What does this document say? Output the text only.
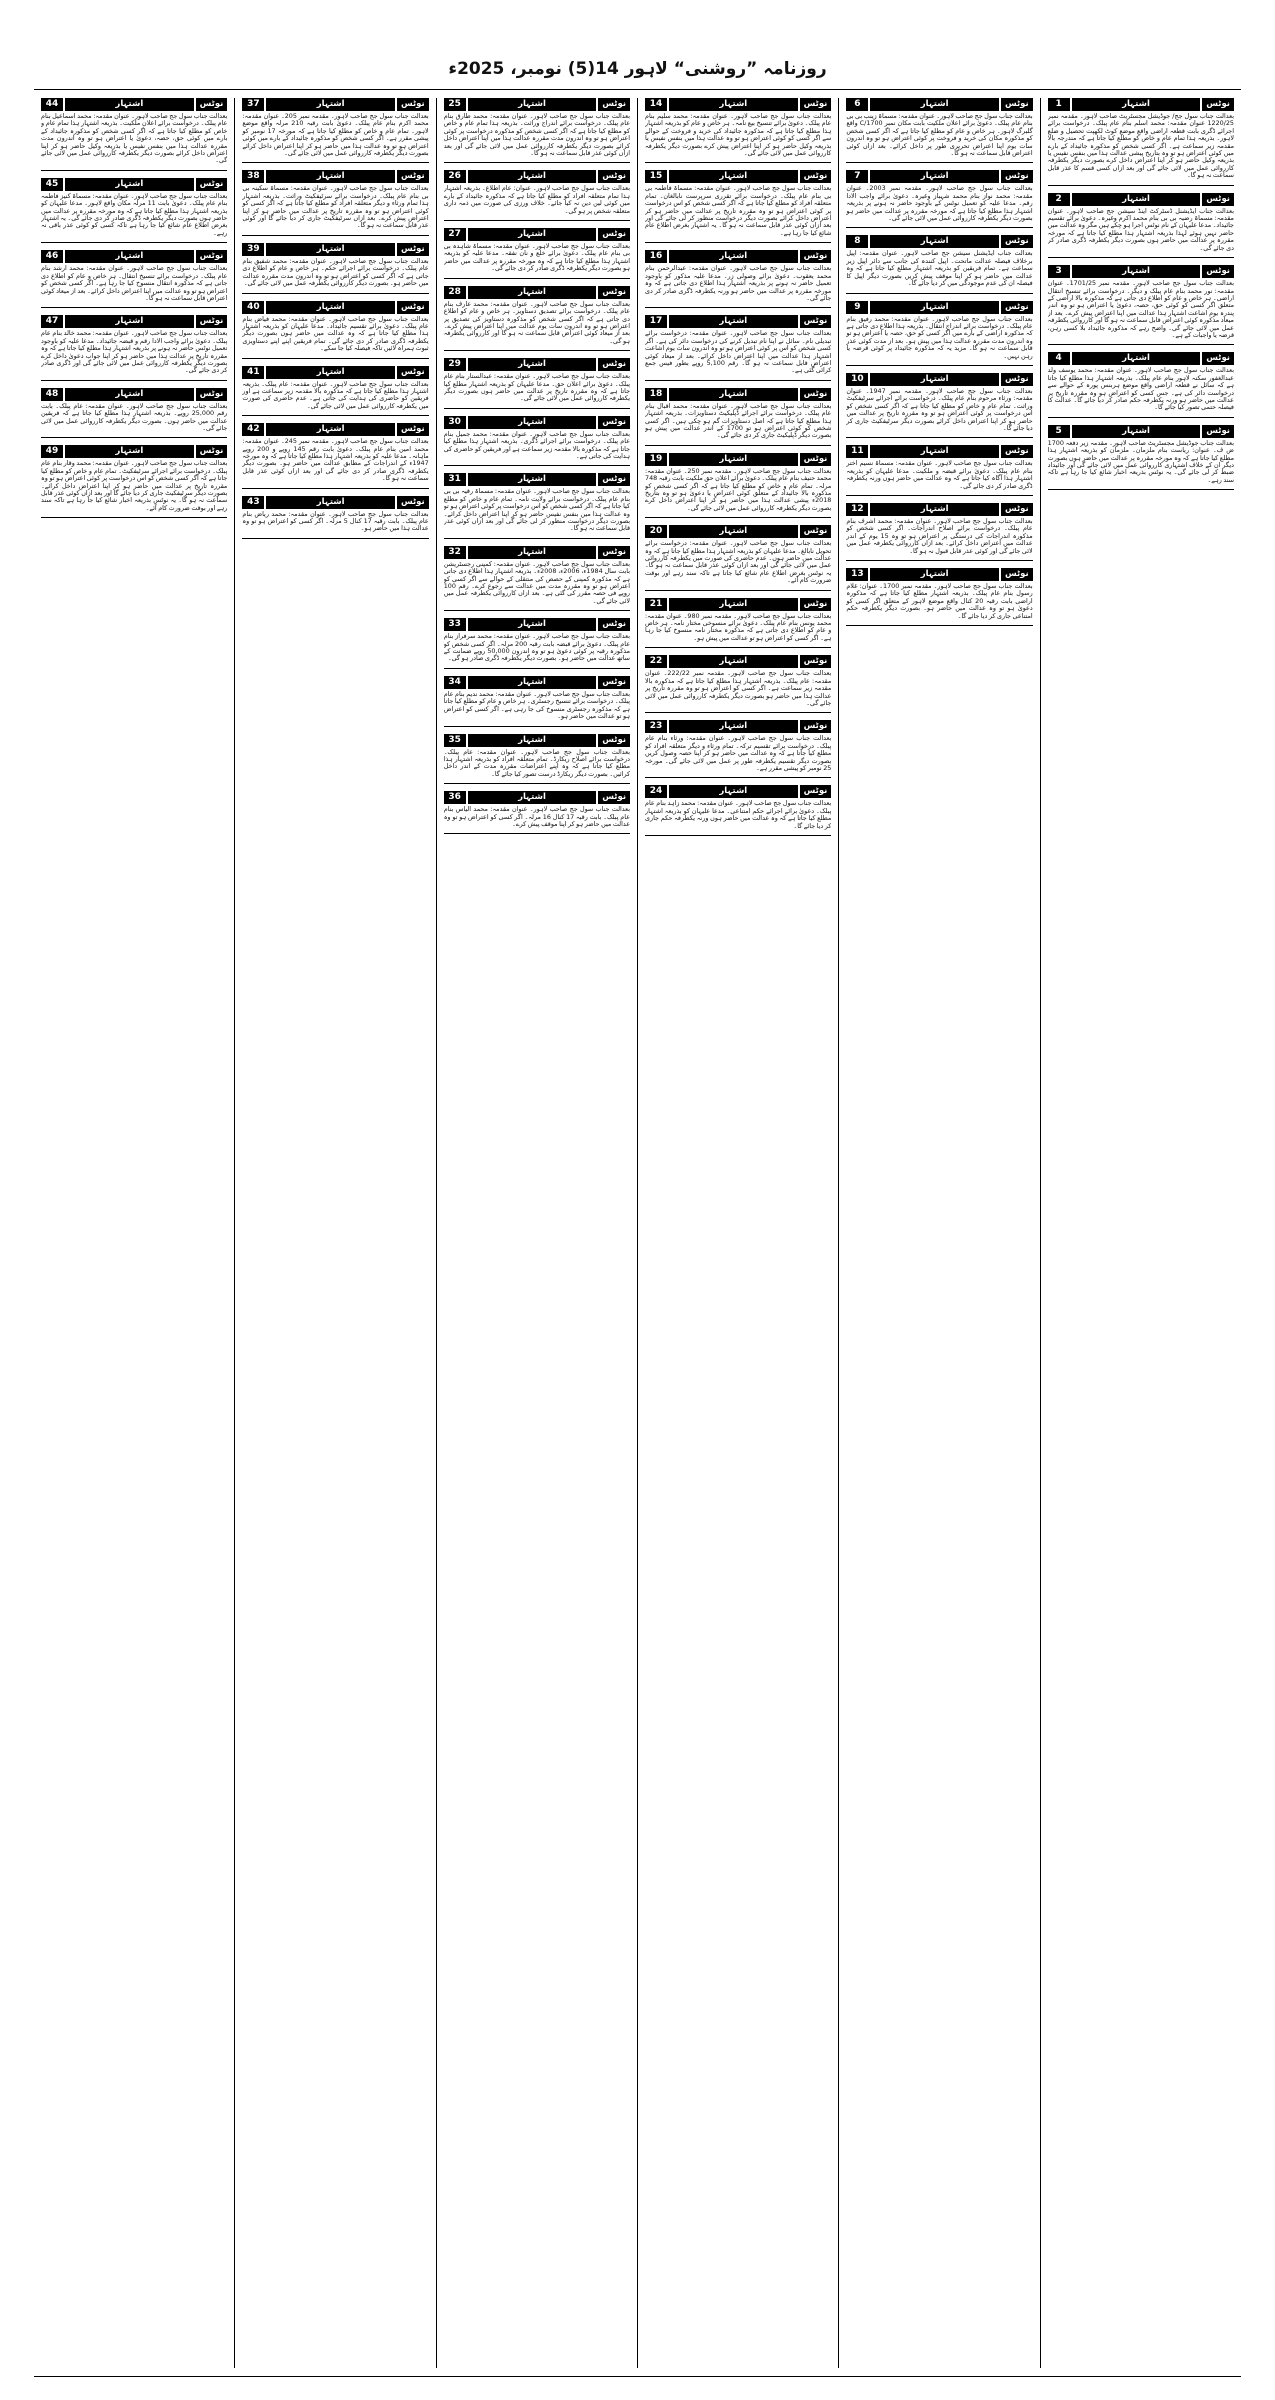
روزنامہ ”روشنی“ لاہور 14(5) نومبر، 2025ء
1	اشتہار	نوٹس

بعدالت جناب سول جج/ جوڈیشل مجسٹریٹ صاحب لاہور۔ مقدمہ نمبر 1220/25 عنوان مقدمہ: محمد اسلم بنام عام پبلک۔ درخواست برائے اجرائے ڈگری بابت قطعہ اراضی واقع موضع کوٹ لکھپت تحصیل و ضلع لاہور۔ بذریعہ ہذا تمام عام و خاص کو مطلع کیا جاتا ہے کہ مندرجہ بالا مقدمہ زیر سماعت ہے۔ اگر کسی شخص کو مذکورہ جائیداد کے بارے میں کوئی اعتراض ہو تو وہ بتاریخ پیشی عدالت ہذا میں بنفس نفیس یا بذریعہ وکیل حاضر ہو کر اپنا اعتراض داخل کرے بصورت دیگر یکطرفہ کارروائی عمل میں لائی جائے گی اور بعد ازاں کسی قسم کا عذر قابل سماعت نہ ہو گا۔

2	اشتہار	نوٹس

بعدالت جناب ایڈیشنل ڈسٹرکٹ اینڈ سیشن جج صاحب لاہور۔ عنوان مقدمہ: مسماۃ رضیہ بی بی بنام محمد اکرم وغیرہ۔ دعویٰ برائے تقسیم جائیداد۔ مدعا علیہان کے نام نوٹس اجرا ہو چکے ہیں مگر وہ عدالت میں حاضر نہیں ہوئے لہذا بذریعہ اشتہار ہذا مطلع کیا جاتا ہے کہ مورخہ مقررہ پر عدالت میں حاضر ہوں بصورت دیگر یکطرفہ ڈگری صادر کر دی جائے گی۔

3	اشتہار	نوٹس

بعدالت جناب سول جج صاحب لاہور۔ مقدمہ نمبر 1701/25۔ عنوان مقدمہ: نور محمد بنام عام پبلک و دیگر۔ درخواست برائے تنسیخ انتقال اراضی۔ ہر خاص و عام کو اطلاع دی جاتی ہے کہ مذکورہ بالا اراضی کے متعلق اگر کسی کو کوئی حق، حصہ، دعویٰ یا اعتراض ہو تو وہ اندر پندرہ یوم اشاعت اشتہار ہذا عدالت میں اپنا اعتراض پیش کرے۔ بعد از میعاد مذکورہ کوئی اعتراض قابل سماعت نہ ہو گا اور کارروائی یکطرفہ عمل میں لائی جائے گی۔ واضح رہے کہ مذکورہ جائیداد بلا کسی رہن، قرضہ یا واجبات کے ہے۔

4	اشتہار	نوٹس

بعدالت جناب سول جج صاحب لاہور۔ عنوان مقدمہ: محمد یوسف ولد عبدالغفور سکنہ لاہور بنام عام پبلک۔ بذریعہ اشتہار ہذا مطلع کیا جاتا ہے کہ سائل نے قطعہ اراضی واقع موضع ہربنس پورہ کے حوالے سے درخواست دائر کی ہے۔ جس کسی کو اعتراض ہو وہ مقررہ تاریخ پر عدالت میں حاضر ہو ورنہ یکطرفہ حکم صادر کر دیا جائے گا۔ عدالت کا فیصلہ حتمی تصور کیا جائے گا۔

5	اشتہار	نوٹس

بعدالت جناب جوڈیشل مجسٹریٹ صاحب لاہور۔ مقدمہ زیر دفعہ 1700 ض ف۔ عنوان: ریاست بنام ملزمان۔ ملزمان کو بذریعہ اشتہار ہذا مطلع کیا جاتا ہے کہ وہ مورخہ مقررہ پر عدالت میں حاضر ہوں بصورت دیگر ان کے خلاف اشتہاری کارروائی عمل میں لائی جائے گی اور جائیداد ضبط کر لی جائے گی۔ یہ نوٹس بذریعہ اخبار شائع کیا جا رہا ہے تاکہ سند رہے۔

6	اشتہار	نوٹس

بعدالت جناب سول جج صاحب لاہور۔ عنوان مقدمہ: مسماۃ زینب بی بی بنام عام پبلک۔ دعویٰ برائے اعلان ملکیت بابت مکان نمبر 1700/C واقع گلبرگ لاہور۔ ہر خاص و عام کو مطلع کیا جاتا ہے کہ اگر کسی شخص کو مذکورہ مکان کی خرید و فروخت پر کوئی اعتراض ہو تو وہ اندرون سات یوم اپنا اعتراض تحریری طور پر داخل کرائے۔ بعد ازاں کوئی اعتراض قابل سماعت نہ ہو گا۔

7	اشتہار	نوٹس

بعدالت جناب سول جج صاحب لاہور۔ مقدمہ نمبر 2003۔ عنوان مقدمہ: محمد نواز بنام محمد شہباز وغیرہ۔ دعویٰ برائے واجب الادا رقم۔ مدعا علیہ کو تعمیل نوٹس کے باوجود حاضر نہ ہونے پر بذریعہ اشتہار ہذا مطلع کیا جاتا ہے کہ مورخہ مقررہ پر عدالت میں حاضر ہو بصورت دیگر یکطرفہ کارروائی عمل میں لائی جائے گی۔

8	اشتہار	نوٹس

بعدالت جناب ایڈیشنل سیشن جج صاحب لاہور۔ عنوان مقدمہ: اپیل برخلاف فیصلہ عدالت ماتحت۔ اپیل کنندہ کی جانب سے دائر اپیل زیر سماعت ہے۔ تمام فریقین کو بذریعہ اشتہار مطلع کیا جاتا ہے کہ وہ عدالت میں حاضر ہو کر اپنا موقف پیش کریں بصورت دیگر اپیل کا فیصلہ ان کی عدم موجودگی میں کر دیا جائے گا۔

9	اشتہار	نوٹس

بعدالت جناب سول جج صاحب لاہور۔ عنوان مقدمہ: محمد رفیق بنام عام پبلک۔ درخواست برائے اندراج انتقال۔ بذریعہ ہذا اطلاع دی جاتی ہے کہ مذکورہ اراضی کے بارے میں اگر کسی کو حق، حصہ یا اعتراض ہو تو وہ اندرون مدت مقررہ عدالت ہذا میں پیش ہو۔ بعد از مدت کوئی عذر قابل سماعت نہ ہو گا۔ مزید یہ کہ مذکورہ جائیداد پر کوئی قرضہ یا رہن نہیں۔

10	اشتہار	نوٹس

بعدالت جناب سول جج صاحب لاہور۔ مقدمہ نمبر 1947۔ عنوان مقدمہ: ورثاء مرحوم بنام عام پبلک۔ درخواست برائے اجرائے سرٹیفکیٹ وراثت۔ تمام عام و خاص کو مطلع کیا جاتا ہے کہ اگر کسی شخص کو اس درخواست پر کوئی اعتراض ہو تو وہ مقررہ تاریخ پر عدالت میں حاضر ہو کر اپنا اعتراض داخل کرائے بصورت دیگر سرٹیفکیٹ جاری کر دیا جائے گا۔

11	اشتہار	نوٹس

بعدالت جناب سول جج صاحب لاہور۔ عنوان مقدمہ: مسماۃ نسیم اختر بنام عام پبلک۔ دعویٰ برائے قبضہ و ملکیت۔ مدعا علیہان کو بذریعہ اشتہار ہذا آگاہ کیا جاتا ہے کہ وہ عدالت میں حاضر ہوں ورنہ یکطرفہ ڈگری صادر کر دی جائے گی۔

12	اشتہار	نوٹس

بعدالت جناب سول جج صاحب لاہور۔ عنوان مقدمہ: محمد اشرف بنام عام پبلک۔ درخواست برائے اصلاح اندراجات۔ اگر کسی شخص کو مذکورہ اندراجات کی درستگی پر اعتراض ہو تو وہ 15 یوم کے اندر عدالت میں اعتراض داخل کرائے۔ بعد ازاں کارروائی یکطرفہ عمل میں لائی جائے گی اور کوئی عذر قابل قبول نہ ہو گا۔

13	اشتہار	نوٹس

بعدالت جناب سول جج صاحب لاہور۔ مقدمہ نمبر 1700۔ عنوان: غلام رسول بنام عام پبلک۔ بذریعہ اشتہار مطلع کیا جاتا ہے کہ مذکورہ اراضی بابت رقبہ 20 کنال واقع موضع لاہور کے متعلق اگر کسی کو دعویٰ ہو تو وہ عدالت میں حاضر ہو۔ بصورت دیگر یکطرفہ حکم امتناعی جاری کر دیا جائے گا۔

14	اشتہار	نوٹس

بعدالت جناب سول جج صاحب لاہور۔ عنوان مقدمہ: محمد سلیم بنام عام پبلک۔ دعویٰ برائے تنسیخ بیع نامہ۔ ہر خاص و عام کو بذریعہ اشتہار ہذا مطلع کیا جاتا ہے کہ مذکورہ جائیداد کی خرید و فروخت کے حوالے سے اگر کسی کو کوئی اعتراض ہو تو وہ عدالت ہذا میں بنفس نفیس یا بذریعہ وکیل حاضر ہو کر اپنا اعتراض پیش کرے بصورت دیگر یکطرفہ کارروائی عمل میں لائی جائے گی۔

15	اشتہار	نوٹس

بعدالت جناب سول جج صاحب لاہور۔ عنوان مقدمہ: مسماۃ فاطمہ بی بی بنام عام پبلک۔ درخواست برائے تقرری سرپرست نابالغان۔ تمام متعلقہ افراد کو مطلع کیا جاتا ہے کہ اگر کسی شخص کو اس درخواست پر کوئی اعتراض ہو تو وہ مقررہ تاریخ پر عدالت میں حاضر ہو کر اعتراض داخل کرائے بصورت دیگر درخواست منظور کر لی جائے گی اور بعد ازاں کوئی عذر قابل سماعت نہ ہو گا۔ یہ اشتہار بغرض اطلاع عام شائع کیا جا رہا ہے۔

16	اشتہار	نوٹس

بعدالت جناب سول جج صاحب لاہور۔ عنوان مقدمہ: عبدالرحمن بنام محمد یعقوب۔ دعویٰ برائے وصولی زر۔ مدعا علیہ مذکور کو باوجود تعمیل حاضر نہ ہونے پر بذریعہ اشتہار ہذا اطلاع دی جاتی ہے کہ وہ مورخہ مقررہ پر عدالت میں حاضر ہو ورنہ یکطرفہ ڈگری صادر کر دی جائے گی۔

17	اشتہار	نوٹس

بعدالت جناب سول جج صاحب لاہور۔ عنوان مقدمہ: درخواست برائے تبدیلی نام۔ سائل نے اپنا نام تبدیل کرنے کی درخواست دائر کی ہے۔ اگر کسی شخص کو اس پر کوئی اعتراض ہو تو وہ اندرون سات یوم اشاعت اشتہار ہذا عدالت میں اپنا اعتراض داخل کرائے۔ بعد از میعاد کوئی اعتراض قابل سماعت نہ ہو گا۔ رقم 5,100 روپے بطور فیس جمع کرائی گئی ہے۔

18	اشتہار	نوٹس

بعدالت جناب سول جج صاحب لاہور۔ عنوان مقدمہ: محمد اقبال بنام عام پبلک۔ درخواست برائے اجرائے ڈپلیکیٹ دستاویزات۔ بذریعہ اشتہار ہذا مطلع کیا جاتا ہے کہ اصل دستاویزات گم ہو چکی ہیں۔ اگر کسی شخص کو کوئی اعتراض ہو تو 1700 کے اندر عدالت میں پیش ہو بصورت دیگر ڈپلیکیٹ جاری کر دی جائے گی۔

19	اشتہار	نوٹس

بعدالت جناب سول جج صاحب لاہور۔ مقدمہ نمبر 250۔ عنوان مقدمہ: محمد حنیف بنام عام پبلک۔ دعویٰ برائے اعلان حق ملکیت بابت رقبہ 748 مرلہ۔ تمام عام و خاص کو مطلع کیا جاتا ہے کہ اگر کسی شخص کو مذکورہ بالا جائیداد کے متعلق کوئی اعتراض یا دعویٰ ہو تو وہ بتاریخ 2018ء پیشی عدالت ہذا میں حاضر ہو کر اپنا اعتراض داخل کرے بصورت دیگر یکطرفہ کارروائی عمل میں لائی جائے گی۔

20	اشتہار	نوٹس

بعدالت جناب سول جج صاحب لاہور۔ عنوان مقدمہ: درخواست برائے تحویل نابالغ۔ مدعا علیہان کو بذریعہ اشتہار ہذا مطلع کیا جاتا ہے کہ وہ عدالت میں حاضر ہوں۔ عدم حاضری کی صورت میں یکطرفہ کارروائی عمل میں لائی جائے گی اور بعد ازاں کوئی عذر قابل سماعت نہ ہو گا۔ یہ نوٹس بغرض اطلاع عام شائع کیا جاتا ہے تاکہ سند رہے اور بوقت ضرورت کام آئے۔

21	اشتہار	نوٹس

بعدالت جناب سول جج صاحب لاہور۔ مقدمہ نمبر 980۔ عنوان مقدمہ: محمد یونس بنام عام پبلک۔ دعویٰ برائے منسوخی مختار نامہ۔ ہر خاص و عام کو اطلاع دی جاتی ہے کہ مذکورہ مختار نامہ منسوخ کیا جا رہا ہے۔ اگر کسی کو اعتراض ہو تو عدالت میں پیش ہو۔

22	اشتہار	نوٹس

بعدالت جناب سول جج صاحب لاہور۔ مقدمہ نمبر 222/22۔ عنوان مقدمہ: عام پبلک۔ بذریعہ اشتہار ہذا مطلع کیا جاتا ہے کہ مذکورہ بالا مقدمہ زیر سماعت ہے۔ اگر کسی کو اعتراض ہو تو وہ مقررہ تاریخ پر عدالت ہذا میں حاضر ہو بصورت دیگر یکطرفہ کارروائی عمل میں لائی جائے گی۔

23	اشتہار	نوٹس

بعدالت جناب سول جج صاحب لاہور۔ عنوان مقدمہ: ورثاء بنام عام پبلک۔ درخواست برائے تقسیم ترکہ۔ تمام ورثاء و دیگر متعلقہ افراد کو مطلع کیا جاتا ہے کہ وہ عدالت میں حاضر ہو کر اپنا حصہ وصول کریں بصورت دیگر تقسیم یکطرفہ طور پر عمل میں لائی جائے گی۔ مورخہ 25 نومبر کو پیشی مقرر ہے۔

24	اشتہار	نوٹس

بعدالت جناب سول جج صاحب لاہور۔ عنوان مقدمہ: محمد زاہد بنام عام پبلک۔ دعویٰ برائے اجرائے حکم امتناعی۔ مدعا علیہان کو بذریعہ اشتہار مطلع کیا جاتا ہے کہ وہ عدالت میں حاضر ہوں ورنہ یکطرفہ حکم جاری کر دیا جائے گا۔

25	اشتہار	نوٹس

بعدالت جناب سول جج صاحب لاہور۔ عنوان مقدمہ: محمد طارق بنام عام پبلک۔ درخواست برائے اندراج وراثت۔ بذریعہ ہذا تمام عام و خاص کو مطلع کیا جاتا ہے کہ اگر کسی شخص کو مذکورہ درخواست پر کوئی اعتراض ہو تو وہ اندرون مدت مقررہ عدالت ہذا میں اپنا اعتراض داخل کرائے بصورت دیگر یکطرفہ کارروائی عمل میں لائی جائے گی اور بعد ازاں کوئی عذر قابل سماعت نہ ہو گا۔

26	اشتہار	نوٹس

بعدالت جناب سول جج صاحب لاہور۔ عنوان: عام اطلاع۔ بذریعہ اشتہار ہذا تمام متعلقہ افراد کو مطلع کیا جاتا ہے کہ مذکورہ جائیداد کے بارے میں کوئی لین دین نہ کیا جائے۔ خلاف ورزی کی صورت میں ذمہ داری متعلقہ شخص پر ہو گی۔

27	اشتہار	نوٹس

بعدالت جناب سول جج صاحب لاہور۔ عنوان مقدمہ: مسماۃ شاہدہ بی بی بنام عام پبلک۔ دعویٰ برائے خلع و نان نفقہ۔ مدعا علیہ کو بذریعہ اشتہار ہذا مطلع کیا جاتا ہے کہ وہ مورخہ مقررہ پر عدالت میں حاضر ہو بصورت دیگر یکطرفہ ڈگری صادر کر دی جائے گی۔

28	اشتہار	نوٹس

بعدالت جناب سول جج صاحب لاہور۔ عنوان مقدمہ: محمد عارف بنام عام پبلک۔ درخواست برائے تصدیق دستاویز۔ ہر خاص و عام کو اطلاع دی جاتی ہے کہ اگر کسی شخص کو مذکورہ دستاویز کی تصدیق پر اعتراض ہو تو وہ اندرون سات یوم عدالت میں اپنا اعتراض پیش کرے۔ بعد از میعاد کوئی اعتراض قابل سماعت نہ ہو گا اور کارروائی یکطرفہ ہو گی۔

29	اشتہار	نوٹس

بعدالت جناب سول جج صاحب لاہور۔ عنوان مقدمہ: عبدالستار بنام عام پبلک۔ دعویٰ برائے اعلان حق۔ مدعا علیہان کو بذریعہ اشتہار مطلع کیا جاتا ہے کہ وہ مقررہ تاریخ پر عدالت میں حاضر ہوں بصورت دیگر یکطرفہ کارروائی عمل میں لائی جائے گی۔

30	اشتہار	نوٹس

بعدالت جناب سول جج صاحب لاہور۔ عنوان مقدمہ: محمد جمیل بنام عام پبلک۔ درخواست برائے اجرائے ڈگری۔ بذریعہ اشتہار ہذا مطلع کیا جاتا ہے کہ مذکورہ بالا مقدمہ زیر سماعت ہے اور فریقین کو حاضری کی ہدایت کی جاتی ہے۔

31	اشتہار	نوٹس

بعدالت جناب سول جج صاحب لاہور۔ عنوان مقدمہ: مسماۃ رقیہ بی بی بنام عام پبلک۔ درخواست برائے ولایت نامہ۔ تمام عام و خاص کو مطلع کیا جاتا ہے کہ اگر کسی شخص کو اس درخواست پر کوئی اعتراض ہو تو وہ عدالت ہذا میں بنفس نفیس حاضر ہو کر اپنا اعتراض داخل کرائے۔ بصورت دیگر درخواست منظور کر لی جائے گی اور بعد ازاں کوئی عذر قابل سماعت نہ ہو گا۔

32	اشتہار	نوٹس

بعدالت جناب سول جج صاحب لاہور۔ عنوان مقدمہ: کمپنی رجسٹریشن بابت سال 1984ء، 2006ء، 2008ء۔ بذریعہ اشتہار ہذا اطلاع دی جاتی ہے کہ مذکورہ کمپنی کے حصص کی منتقلی کے حوالے سے اگر کسی کو اعتراض ہو تو وہ مقررہ مدت میں عدالت سے رجوع کرے۔ رقم 100 روپے فی حصہ مقرر کی گئی ہے۔ بعد ازاں کارروائی یکطرفہ عمل میں لائی جائے گی۔

33	اشتہار	نوٹس

بعدالت جناب سول جج صاحب لاہور۔ عنوان مقدمہ: محمد سرفراز بنام عام پبلک۔ دعویٰ برائے قبضہ بابت رقبہ 200 مرلہ۔ اگر کسی شخص کو مذکورہ رقبہ پر کوئی دعویٰ ہو تو وہ اندرون 50,000 روپے ضمانت کے ساتھ عدالت میں حاضر ہو۔ بصورت دیگر یکطرفہ ڈگری صادر ہو گی۔

34	اشتہار	نوٹس

بعدالت جناب سول جج صاحب لاہور۔ عنوان مقدمہ: محمد ندیم بنام عام پبلک۔ درخواست برائے تنسیخ رجسٹری۔ ہر خاص و عام کو مطلع کیا جاتا ہے کہ مذکورہ رجسٹری منسوخ کی جا رہی ہے۔ اگر کسی کو اعتراض ہو تو عدالت میں حاضر ہو۔

35	اشتہار	نوٹس

بعدالت جناب سول جج صاحب لاہور۔ عنوان مقدمہ: عام پبلک۔ درخواست برائے اصلاح ریکارڈ۔ تمام متعلقہ افراد کو بذریعہ اشتہار ہذا مطلع کیا جاتا ہے کہ وہ اپنے اعتراضات مقررہ مدت کے اندر داخل کرائیں۔ بصورت دیگر ریکارڈ درست تصور کیا جائے گا۔

36	اشتہار	نوٹس

بعدالت جناب سول جج صاحب لاہور۔ عنوان مقدمہ: محمد الیاس بنام عام پبلک۔ بابت رقبہ 17 کنال 16 مرلہ۔ اگر کسی کو اعتراض ہو تو وہ عدالت میں حاضر ہو کر اپنا موقف پیش کرے۔

37	اشتہار	نوٹس

بعدالت جناب سول جج صاحب لاہور۔ مقدمہ نمبر 205۔ عنوان مقدمہ: محمد اکرم بنام عام پبلک۔ دعویٰ بابت رقبہ 210 مرلہ واقع موضع لاہور۔ تمام عام و خاص کو مطلع کیا جاتا ہے کہ مورخہ 17 نومبر کو پیشی مقرر ہے۔ اگر کسی شخص کو مذکورہ جائیداد کے بارے میں کوئی اعتراض ہو تو وہ عدالت ہذا میں حاضر ہو کر اپنا اعتراض داخل کرائے بصورت دیگر یکطرفہ کارروائی عمل میں لائی جائے گی۔

38	اشتہار	نوٹس

بعدالت جناب سول جج صاحب لاہور۔ عنوان مقدمہ: مسماۃ سکینہ بی بی بنام عام پبلک۔ درخواست برائے سرٹیفکیٹ وراثت۔ بذریعہ اشتہار ہذا تمام ورثاء و دیگر متعلقہ افراد کو مطلع کیا جاتا ہے کہ اگر کسی کو کوئی اعتراض ہو تو وہ مقررہ تاریخ پر عدالت میں حاضر ہو کر اپنا اعتراض پیش کرے۔ بعد ازاں سرٹیفکیٹ جاری کر دیا جائے گا اور کوئی عذر قابل سماعت نہ ہو گا۔

39	اشتہار	نوٹس

بعدالت جناب سول جج صاحب لاہور۔ عنوان مقدمہ: محمد شفیق بنام عام پبلک۔ درخواست برائے اجرائے حکم۔ ہر خاص و عام کو اطلاع دی جاتی ہے کہ اگر کسی کو اعتراض ہو تو وہ اندرون مدت مقررہ عدالت میں حاضر ہو۔ بصورت دیگر کارروائی یکطرفہ عمل میں لائی جائے گی۔

40	اشتہار	نوٹس

بعدالت جناب سول جج صاحب لاہور۔ عنوان مقدمہ: محمد فیاض بنام عام پبلک۔ دعویٰ برائے تقسیم جائیداد۔ مدعا علیہان کو بذریعہ اشتہار ہذا مطلع کیا جاتا ہے کہ وہ عدالت میں حاضر ہوں بصورت دیگر یکطرفہ ڈگری صادر کر دی جائے گی۔ تمام فریقین اپنے اپنے دستاویزی ثبوت ہمراہ لائیں تاکہ فیصلہ کیا جا سکے۔

41	اشتہار	نوٹس

بعدالت جناب سول جج صاحب لاہور۔ عنوان مقدمہ: عام پبلک۔ بذریعہ اشتہار ہذا مطلع کیا جاتا ہے کہ مذکورہ بالا مقدمہ زیر سماعت ہے اور فریقین کو حاضری کی ہدایت کی جاتی ہے۔ عدم حاضری کی صورت میں یکطرفہ کارروائی عمل میں لائی جائے گی۔

42	اشتہار	نوٹس

بعدالت جناب سول جج صاحب لاہور۔ مقدمہ نمبر 245۔ عنوان مقدمہ: محمد امین بنام عام پبلک۔ دعویٰ بابت رقم 145 روپے و 200 روپے ماہانہ۔ مدعا علیہ کو بذریعہ اشتہار ہذا مطلع کیا جاتا ہے کہ وہ مورخہ 1947ء کے اندراجات کے مطابق عدالت میں حاضر ہو۔ بصورت دیگر یکطرفہ ڈگری صادر کر دی جائے گی اور بعد ازاں کوئی عذر قابل سماعت نہ ہو گا۔

43	اشتہار	نوٹس

بعدالت جناب سول جج صاحب لاہور۔ عنوان مقدمہ: محمد ریاض بنام عام پبلک۔ بابت رقبہ 17 کنال 5 مرلہ۔ اگر کسی کو اعتراض ہو تو وہ عدالت ہذا میں حاضر ہو۔

44	اشتہار	نوٹس

بعدالت جناب سول جج صاحب لاہور۔ عنوان مقدمہ: محمد اسماعیل بنام عام پبلک۔ درخواست برائے اعلان ملکیت۔ بذریعہ اشتہار ہذا تمام عام و خاص کو مطلع کیا جاتا ہے کہ اگر کسی شخص کو مذکورہ جائیداد کے بارے میں کوئی حق، حصہ، دعویٰ یا اعتراض ہو تو وہ اندرون مدت مقررہ عدالت ہذا میں بنفس نفیس یا بذریعہ وکیل حاضر ہو کر اپنا اعتراض داخل کرائے بصورت دیگر یکطرفہ کارروائی عمل میں لائی جائے گی۔

45	اشتہار	نوٹس

بعدالت جناب سول جج صاحب لاہور۔ عنوان مقدمہ: مسماۃ کنیز فاطمہ بنام عام پبلک۔ دعویٰ بابت 11 مرلہ مکان واقع لاہور۔ مدعا علیہان کو بذریعہ اشتہار ہذا مطلع کیا جاتا ہے کہ وہ مورخہ مقررہ پر عدالت میں حاضر ہوں بصورت دیگر یکطرفہ ڈگری صادر کر دی جائے گی۔ یہ اشتہار بغرض اطلاع عام شائع کیا جا رہا ہے تاکہ کسی کو کوئی عذر باقی نہ رہے۔

46	اشتہار	نوٹس

بعدالت جناب سول جج صاحب لاہور۔ عنوان مقدمہ: محمد ارشد بنام عام پبلک۔ درخواست برائے تنسیخ انتقال۔ ہر خاص و عام کو اطلاع دی جاتی ہے کہ مذکورہ انتقال منسوخ کیا جا رہا ہے۔ اگر کسی شخص کو اعتراض ہو تو وہ عدالت میں اپنا اعتراض داخل کرائے۔ بعد از میعاد کوئی اعتراض قابل سماعت نہ ہو گا۔

47	اشتہار	نوٹس

بعدالت جناب سول جج صاحب لاہور۔ عنوان مقدمہ: محمد خالد بنام عام پبلک۔ دعویٰ برائے واجب الادا رقم و قبضہ جائیداد۔ مدعا علیہ کو باوجود تعمیل نوٹس حاضر نہ ہونے پر بذریعہ اشتہار ہذا مطلع کیا جاتا ہے کہ وہ مقررہ تاریخ پر عدالت ہذا میں حاضر ہو کر اپنا جواب دعویٰ داخل کرے بصورت دیگر یکطرفہ کارروائی عمل میں لائی جائے گی اور ڈگری صادر کر دی جائے گی۔

48	اشتہار	نوٹس

بعدالت جناب سول جج صاحب لاہور۔ عنوان مقدمہ: عام پبلک۔ بابت رقم 25,000 روپے۔ بذریعہ اشتہار ہذا مطلع کیا جاتا ہے کہ فریقین عدالت میں حاضر ہوں۔ بصورت دیگر یکطرفہ کارروائی عمل میں لائی جائے گی۔

49	اشتہار	نوٹس

بعدالت جناب سول جج صاحب لاہور۔ عنوان مقدمہ: محمد وقار بنام عام پبلک۔ درخواست برائے اجرائے سرٹیفکیٹ۔ تمام عام و خاص کو مطلع کیا جاتا ہے کہ اگر کسی شخص کو اس درخواست پر کوئی اعتراض ہو تو وہ مقررہ تاریخ پر عدالت میں حاضر ہو کر اپنا اعتراض داخل کرائے۔ بصورت دیگر سرٹیفکیٹ جاری کر دیا جائے گا اور بعد ازاں کوئی عذر قابل سماعت نہ ہو گا۔ یہ نوٹس بذریعہ اخبار شائع کیا جا رہا ہے تاکہ سند رہے اور بوقت ضرورت کام آئے۔
